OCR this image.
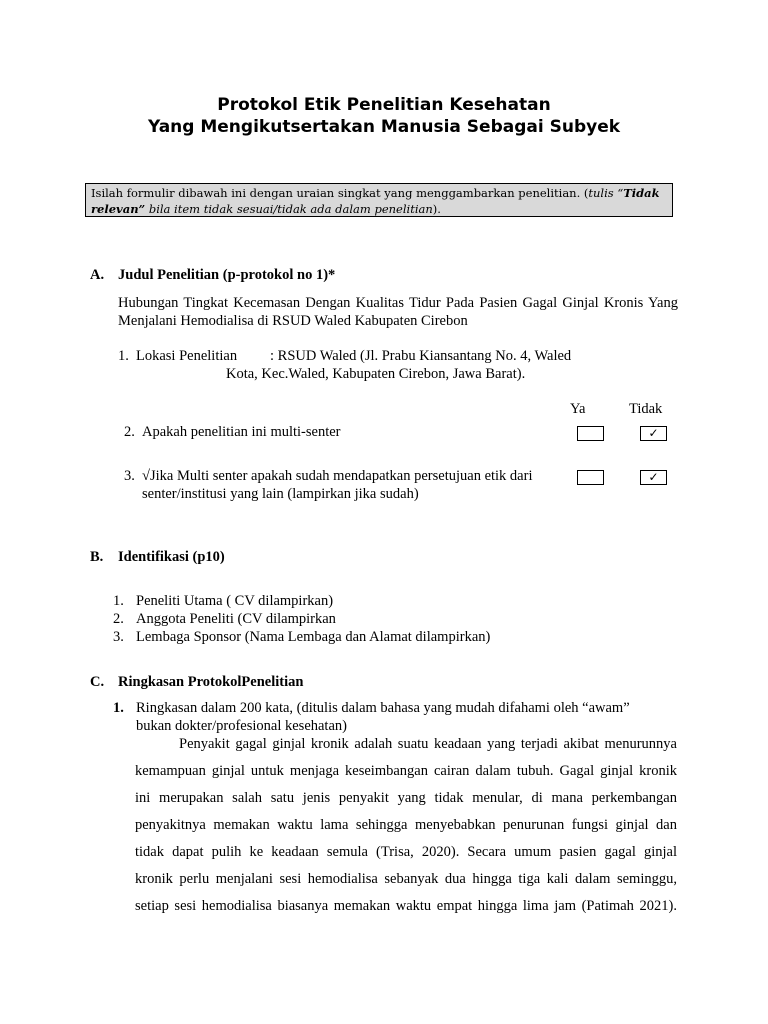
Protokol Etik Penelitian Kesehatan
Yang Mengikutsertakan Manusia Sebagai Subyek
Isilah formulir dibawah ini dengan uraian singkat yang menggambarkan penelitian. (tulis “Tidak
relevan” bila item tidak sesuai/tidak ada dalam penelitian).
A. Judul Penelitian (p-protokol no 1)*
Hubungan Tingkat Kecemasan Dengan Kualitas Tidur Pada Pasien Gagal Ginjal Kronis Yang Menjalani Hemodialisa di RSUD Waled Kabupaten Cirebon
1. Lokasi Penelitian : RSUD Waled (Jl. Prabu Kiansantang No. 4, Waled
Kota, Kec.Waled, Kabupaten Cirebon, Jawa Barat).
Ya	Tidak
2. Apakah penelitian ini multi-senter	✓
3. √Jika Multi senter apakah sudah mendapatkan persetujuan etik dari
senter/institusi yang lain (lampirkan jika sudah)
✓
B. Identifikasi (p10)
1. Peneliti Utama ( CV dilampirkan)
2. Anggota Peneliti (CV dilampirkan
3. Lembaga Sponsor (Nama Lembaga dan Alamat dilampirkan)
C. Ringkasan ProtokolPenelitian
1. Ringkasan dalam 200 kata, (ditulis dalam bahasa yang mudah difahami oleh “awam”
bukan dokter/profesional kesehatan)
Penyakit gagal ginjal kronik adalah suatu keadaan yang terjadi akibat menurunnya
kemampuan ginjal untuk menjaga keseimbangan cairan dalam tubuh. Gagal ginjal kronik
ini merupakan salah satu jenis penyakit yang tidak menular, di mana perkembangan
penyakitnya memakan waktu lama sehingga menyebabkan penurunan fungsi ginjal dan
tidak dapat pulih ke keadaan semula (Trisa, 2020). Secara umum pasien gagal ginjal
kronik perlu menjalani sesi hemodialisa sebanyak dua hingga tiga kali dalam seminggu,
setiap sesi hemodialisa biasanya memakan waktu empat hingga lima jam (Patimah 2021).
